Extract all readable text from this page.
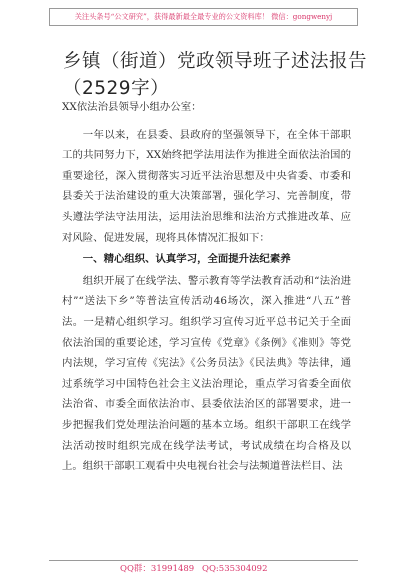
关注头条号“公文研究”，获得最新最全最专业的公文资料库！ 微信：gongwenyj
乡镇（街道）党政领导班子述法报告
（2529字）

XX依法治县领导小组办公室：

一年以来，在县委、县政府的坚强领导下，在全体干部职工的共同努力下，XX始终把学法用法作为推进全面依法治国的重要途径，深入贯彻落实习近平法治思想及中央省委、市委和县委关于法治建设的重大决策部署，强化学习、完善制度，带头遵法学法守法用法，运用法治思维和法治方式推进改革、应对风险、促进发展，现将具体情况汇报如下：

一、精心组织、认真学习，全面提升法纪素养

组织开展了在线学法、警示教育等学法教育活动和“法治进村”“送法下乡”等普法宣传活动46场次，深入推进“八五”普法。一是精心组织学习。组织学习宣传习近平总书记关于全面依法治国的重要论述，学习宣传《党章》《条例》《准则》等党内法规，学习宣传《宪法》《公务员法》《民法典》等法律，通过系统学习中国特色社会主义法治理论，重点学习省委全面依法治省、市委全面依法治市、县委依法治区的部署要求，进一步把握我们党处理法治问题的基本立场。组织干部职工在线学法活动按时组织完成在线学法考试，考试成绩在均合格及以上。组织干部职工观看中央电视台社会与法频道普法栏目、法

QQ群：31991489 QQ:535304092
